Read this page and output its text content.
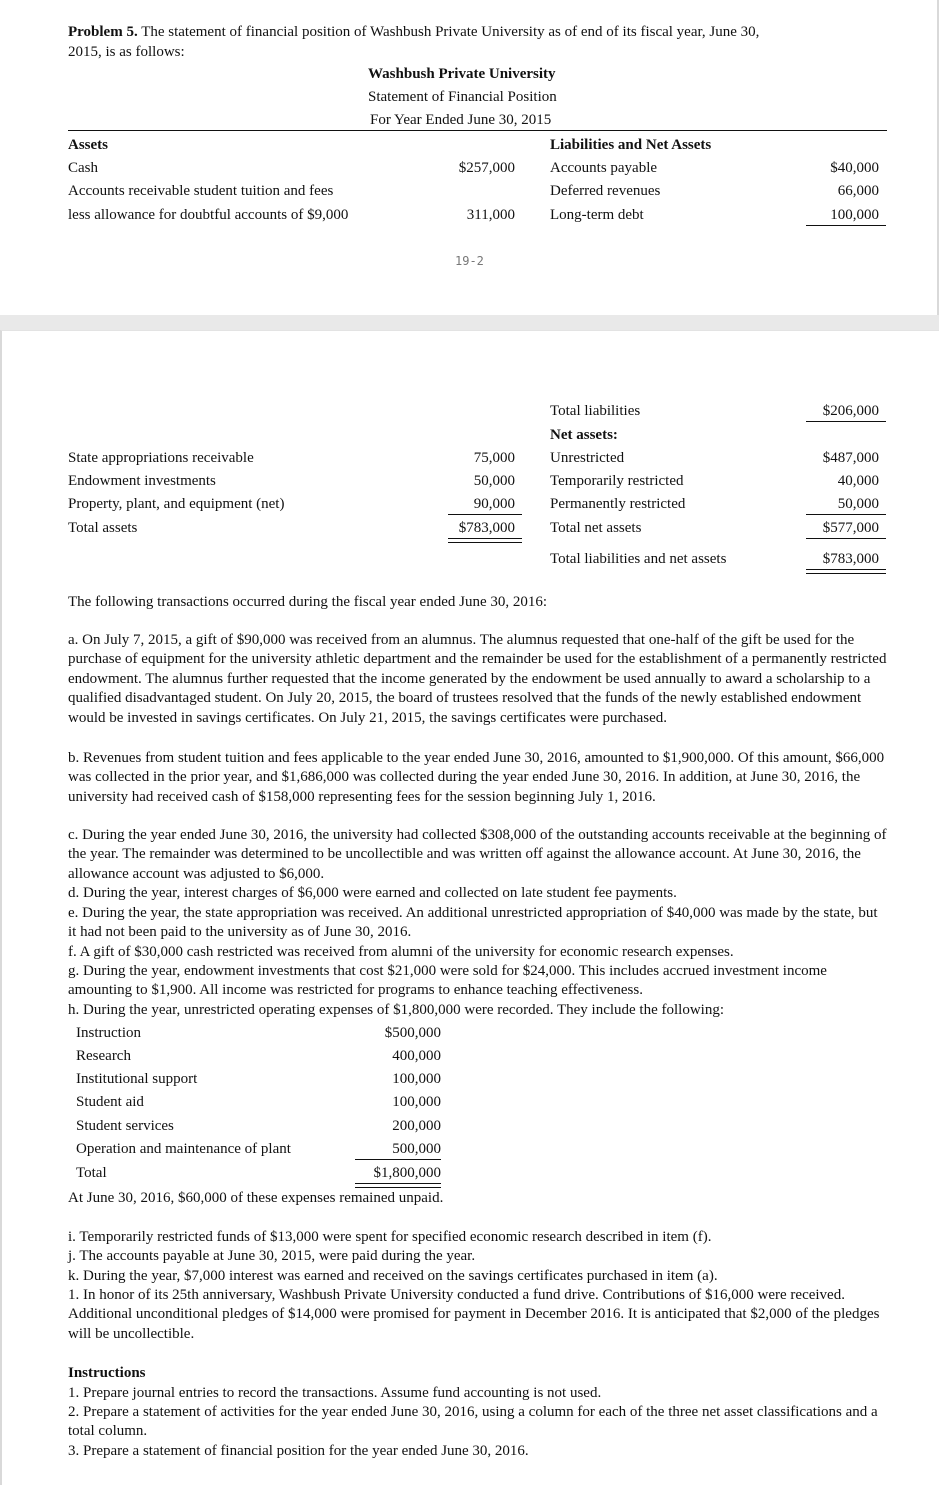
Problem 5. The statement of financial position of Washbush Private University as of end of its fiscal year, June 30,
2015, is as follows:
Washbush Private University
Statement of Financial Position
For Year Ended June 30, 2015
Assets	Liabilities and Net Assets
Cash	$257,000
Accounts receivable student tuition and fees
less allowance for doubtful accounts of $9,000	311,000
Accounts payable	$40,000
Deferred revenues	66,000
Long-term debt	100,000
19-2
Total liabilities	$206,000
Net assets:
State appropriations receivable	75,000
Endowment investments	50,000
Property, plant, and equipment (net)	90,000
Total assets	$783,000
Unrestricted	$487,000
Temporarily restricted	40,000
Permanently restricted	50,000
Total net assets	$577,000
Total liabilities and net assets	$783,000
The following transactions occurred during the fiscal year ended June 30, 2016:
a. On July 7, 2015, a gift of $90,000 was received from an alumnus. The alumnus requested that one-half of the gift be used for the purchase of equipment for the university athletic department and the remainder be used for the establishment of a permanently restricted endowment. The alumnus further requested that the income generated by the endowment be used annually to award a scholarship to a qualified disadvantaged student. On July 20, 2015, the board of trustees resolved that the funds of the newly established endowment would be invested in savings certificates. On July 21, 2015, the savings certificates were purchased.
b. Revenues from student tuition and fees applicable to the year ended June 30, 2016, amounted to $1,900,000. Of this amount, $66,000 was collected in the prior year, and $1,686,000 was collected during the year ended June 30, 2016. In addition, at June 30, 2016, the university had received cash of $158,000 representing fees for the session beginning July 1, 2016.
c. During the year ended June 30, 2016, the university had collected $308,000 of the outstanding accounts receivable at the beginning of the year. The remainder was determined to be uncollectible and was written off against the allowance account. At June 30, 2016, the allowance account was adjusted to $6,000.
d. During the year, interest charges of $6,000 were earned and collected on late student fee payments.
e. During the year, the state appropriation was received. An additional unrestricted appropriation of $40,000 was made by the state, but it had not been paid to the university as of June 30, 2016.
f. A gift of $30,000 cash restricted was received from alumni of the university for economic research expenses.
g. During the year, endowment investments that cost $21,000 were sold for $24,000. This includes accrued investment income amounting to $1,900. All income was restricted for programs to enhance teaching effectiveness.
h. During the year, unrestricted operating expenses of $1,800,000 were recorded. They include the following:
Instruction	$500,000
Research	400,000
Institutional support	100,000
Student aid	100,000
Student services	200,000
Operation and maintenance of plant	500,000
Total	$1,800,000
At June 30, 2016, $60,000 of these expenses remained unpaid.
i. Temporarily restricted funds of $13,000 were spent for specified economic research described in item (f).
j. The accounts payable at June 30, 2015, were paid during the year.
k. During the year, $7,000 interest was earned and received on the savings certificates purchased in item (a).
1. In honor of its 25th anniversary, Washbush Private University conducted a fund drive. Contributions of $16,000 were received. Additional unconditional pledges of $14,000 were promised for payment in December 2016. It is anticipated that $2,000 of the pledges will be uncollectible.
Instructions
1. Prepare journal entries to record the transactions. Assume fund accounting is not used.
2. Prepare a statement of activities for the year ended June 30, 2016, using a column for each of the three net asset classifications and a total column.
3. Prepare a statement of financial position for the year ended June 30, 2016.
